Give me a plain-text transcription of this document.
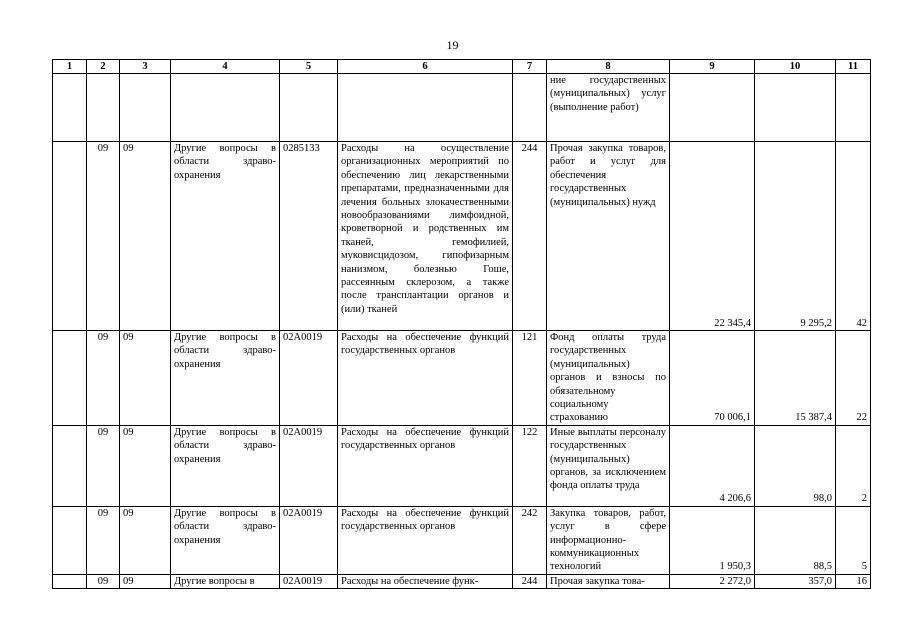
19
1	2	3	4	5	6	7	8	9	10	11
							ние государственных (муниципальных) услуг (выполнение работ)			
	09	09	Другие вопросы в области здраво-охранения	0285133	Расходы на осуществление организационных мероприятий по обеспечению лиц лекарственными препаратами, предназначенными для лечения больных злокачественными новообразованиями лимфоидной, кроветворной и родственных им тканей, гемофилией, муковисцидозом, гипофизарным нанизмом, болезнью Гоше, рассеянным склерозом, а также после трансплантации органов и (или) тканей	244	Прочая закупка товаров, работ и услуг для обеспечения государственных (муниципальных) нужд	22 345,4	9 295,2	42
	09	09	Другие вопросы в области здраво-охранения	02А0019	Расходы на обеспечение функций государственных органов	121	Фонд оплаты труда государственных (муниципальных) органов и взносы по обязательному социальному страхованию	70 006,1	15 387,4	22
	09	09	Другие вопросы в области здраво-охранения	02А0019	Расходы на обеспечение функций государственных органов	122	Иные выплаты персоналу государственных (муниципальных) органов, за исключением фонда оплаты труда	4 206,6	98,0	2
	09	09	Другие вопросы в области здраво-охранения	02А0019	Расходы на обеспечение функций государственных органов	242	Закупка товаров, работ, услуг в сфере информационно-коммуникационных технологий	1 950,3	88,5	5
	09	09	Другие вопросы в	02А0019	Расходы на обеспечение функ-	244	Прочая закупка това-	2 272,0	357,0	16
